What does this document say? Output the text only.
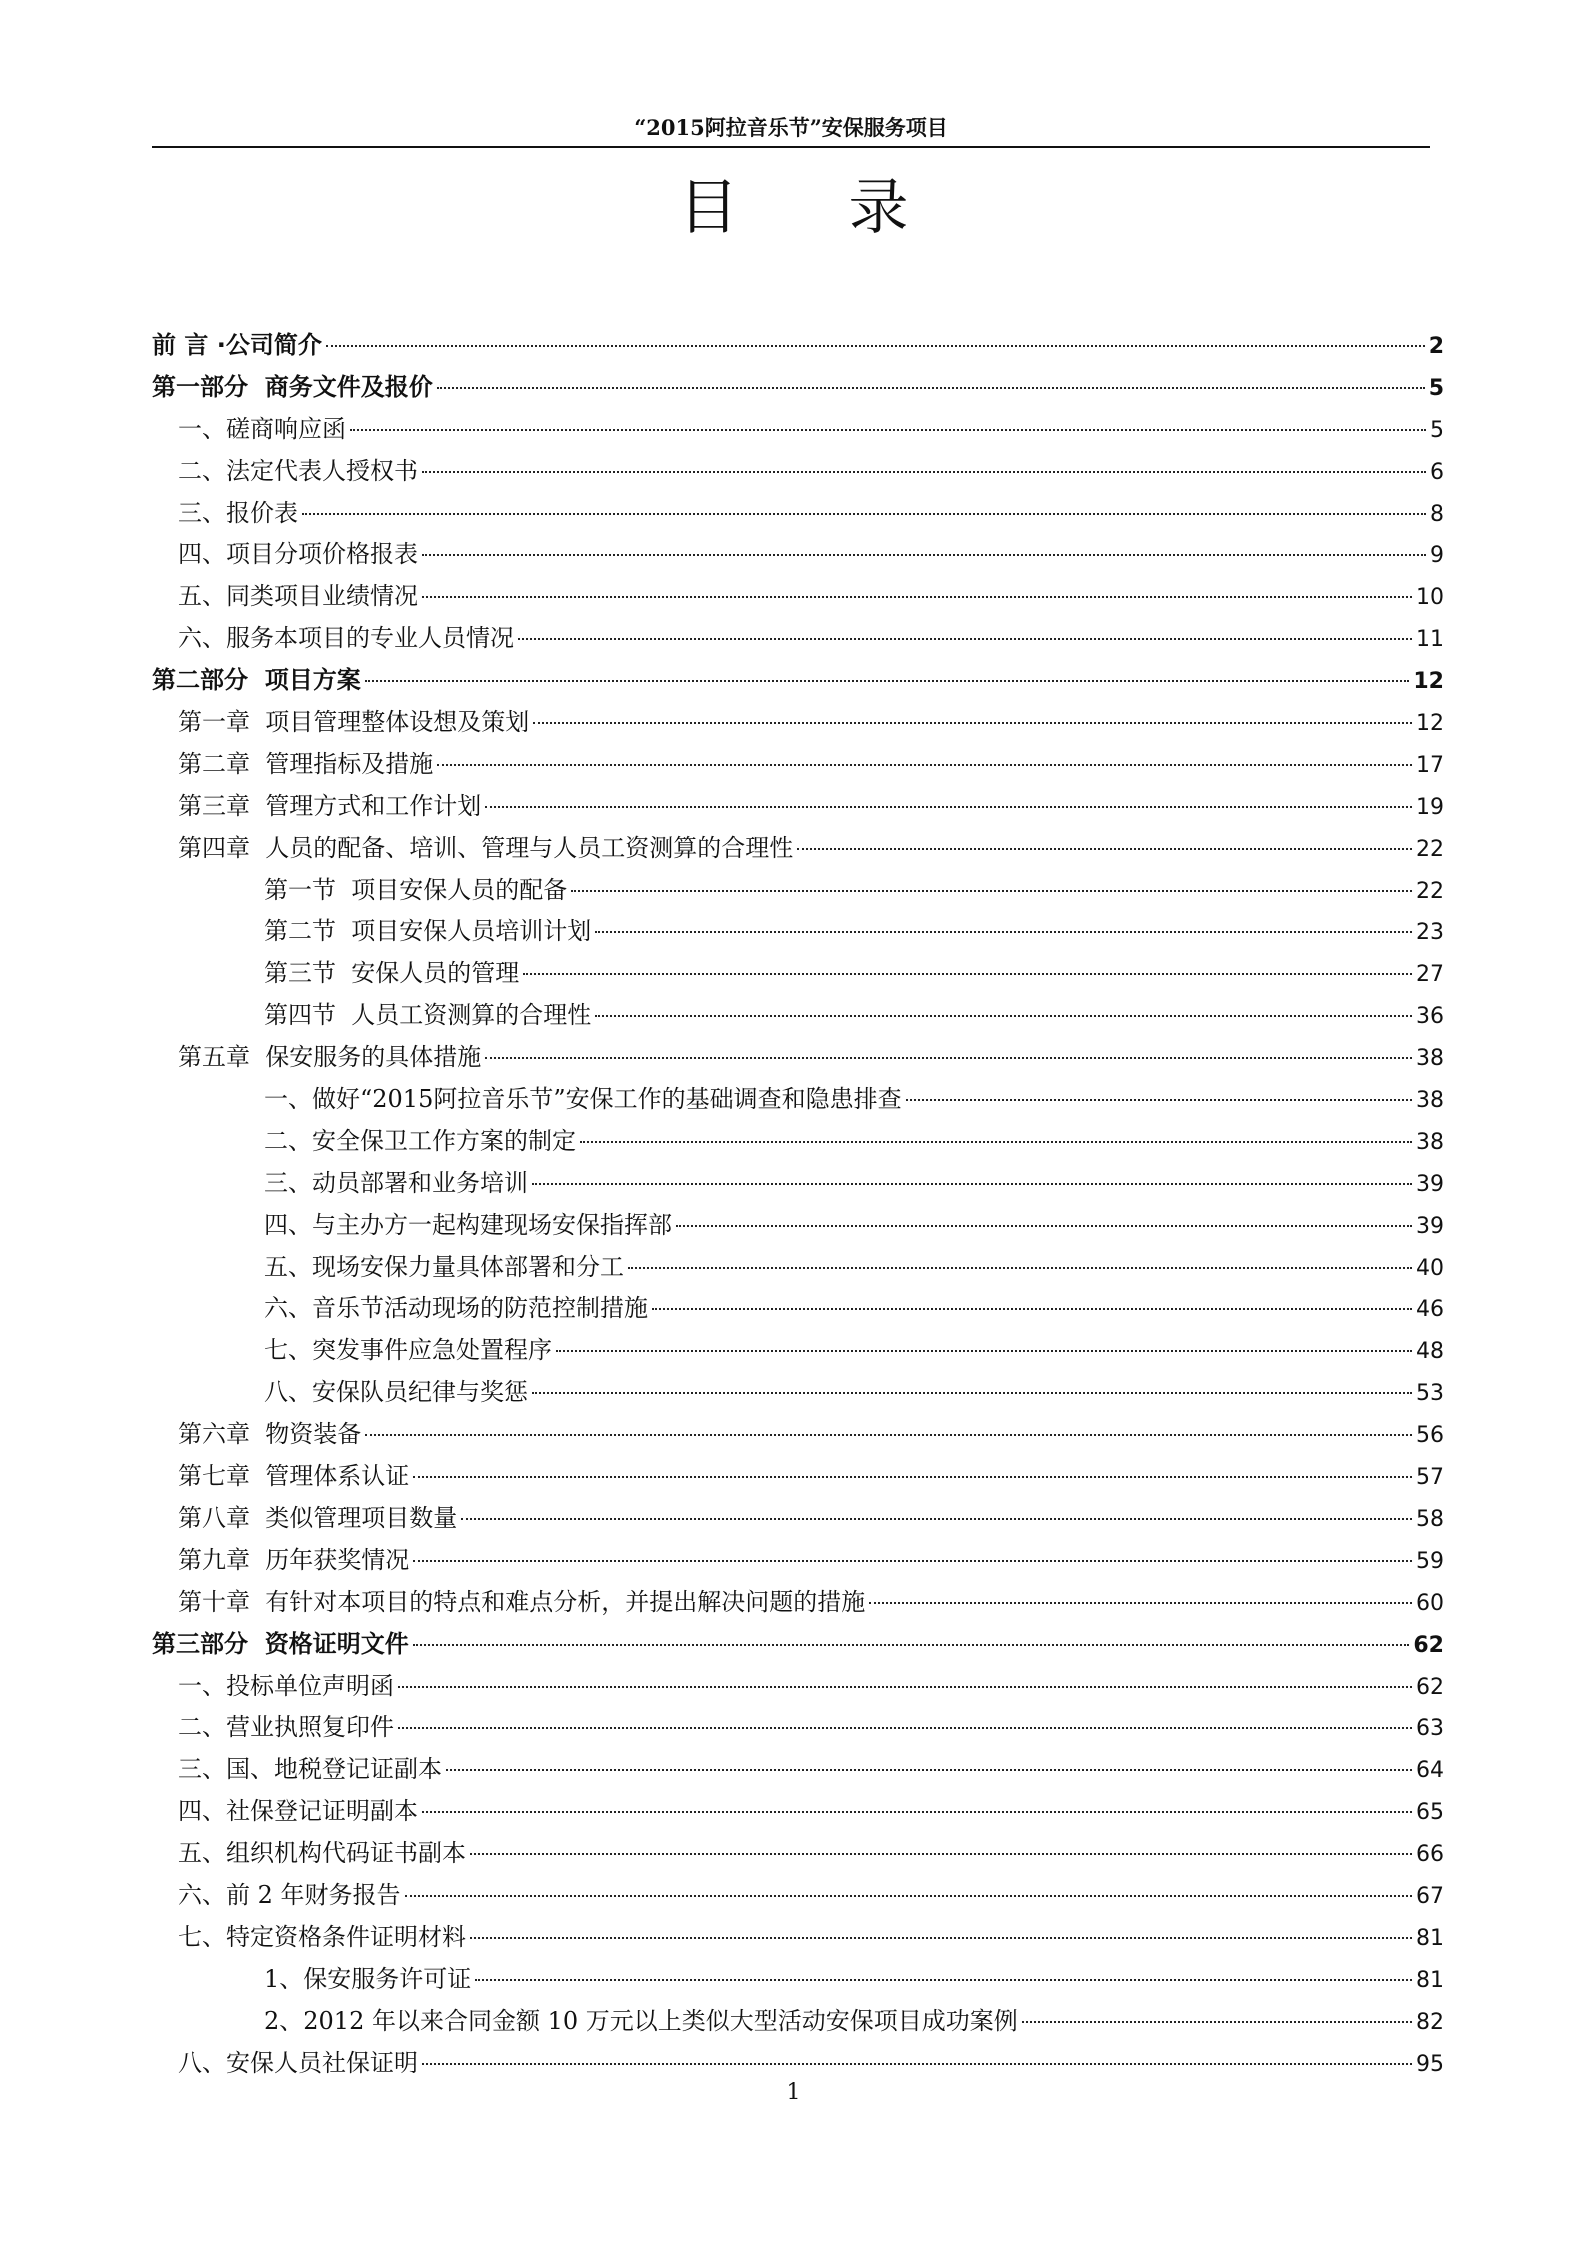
“2015阿拉音乐节”安保服务项目
目录
前 言 ·公司简介	2
第一部分  商务文件及报价	5
一、磋商响应函	5
二、法定代表人授权书	6
三、报价表	8
四、项目分项价格报表	9
五、同类项目业绩情况	10
六、服务本项目的专业人员情况	11
第二部分  项目方案	12
第一章  项目管理整体设想及策划	12
第二章  管理指标及措施	17
第三章  管理方式和工作计划	19
第四章  人员的配备、培训、管理与人员工资测算的合理性	22
第一节  项目安保人员的配备	22
第二节  项目安保人员培训计划	23
第三节  安保人员的管理	27
第四节  人员工资测算的合理性	36
第五章  保安服务的具体措施	38
一、做好“2015阿拉音乐节”安保工作的基础调查和隐患排查	38
二、安全保卫工作方案的制定	38
三、动员部署和业务培训	39
四、与主办方一起构建现场安保指挥部	39
五、现场安保力量具体部署和分工	40
六、音乐节活动现场的防范控制措施	46
七、突发事件应急处置程序	48
八、安保队员纪律与奖惩	53
第六章  物资装备	56
第七章  管理体系认证	57
第八章  类似管理项目数量	58
第九章  历年获奖情况	59
第十章  有针对本项目的特点和难点分析，并提出解决问题的措施	60
第三部分  资格证明文件	62
一、投标单位声明函	62
二、营业执照复印件	63
三、国、地税登记证副本	64
四、社保登记证明副本	65
五、组织机构代码证书副本	66
六、前 2 年财务报告	67
七、特定资格条件证明材料	81
1、保安服务许可证	81
2、2012 年以来合同金额 10 万元以上类似大型活动安保项目成功案例	82
八、安保人员社保证明	95
1
